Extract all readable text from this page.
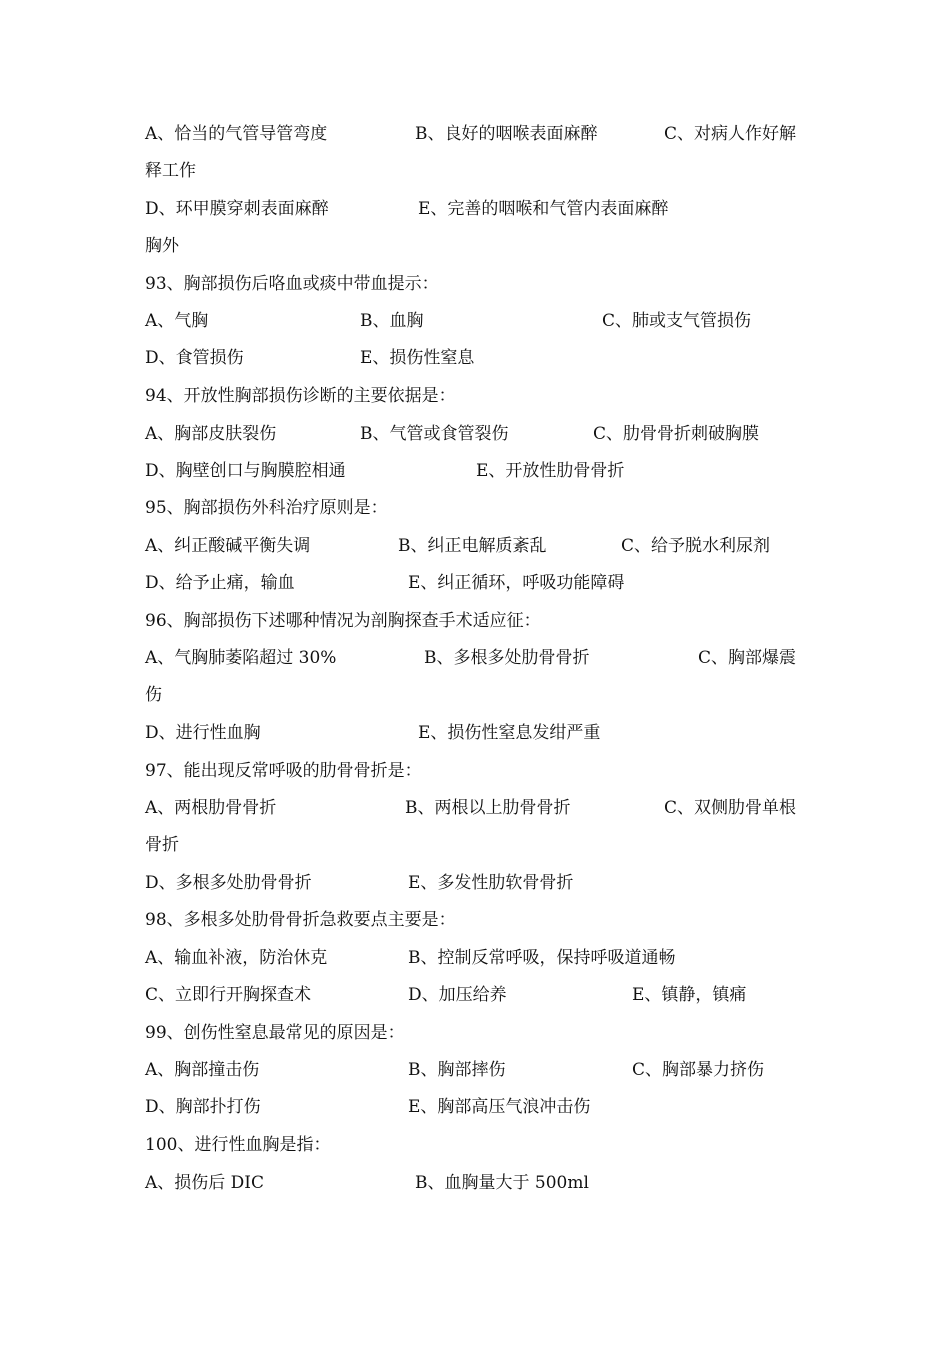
A、恰当的气管导管弯度	B、良好的咽喉表面麻醉	C、对病人作好解
释工作
D、环甲膜穿刺表面麻醉	E、完善的咽喉和气管内表面麻醉
胸外
93、胸部损伤后咯血或痰中带血提示：
A、气胸	B、血胸	C、肺或支气管损伤
D、食管损伤	E、损伤性窒息
94、开放性胸部损伤诊断的主要依据是：
A、胸部皮肤裂伤	B、气管或食管裂伤	C、肋骨骨折刺破胸膜
D、胸壁创口与胸膜腔相通	E、开放性肋骨骨折
95、胸部损伤外科治疗原则是：
A、纠正酸碱平衡失调	B、纠正电解质紊乱	C、给予脱水利尿剂
D、给予止痛，输血	E、纠正循环，呼吸功能障碍
96、胸部损伤下述哪种情况为剖胸探查手术适应征：
A、气胸肺萎陷超过 30%	B、多根多处肋骨骨折	C、胸部爆震
伤
D、进行性血胸	E、损伤性窒息发绀严重
97、能出现反常呼吸的肋骨骨折是：
A、两根肋骨骨折	B、两根以上肋骨骨折	C、双侧肋骨单根
骨折
D、多根多处肋骨骨折	E、多发性肋软骨骨折
98、多根多处肋骨骨折急救要点主要是：
A、输血补液，防治休克	B、控制反常呼吸，保持呼吸道通畅
C、立即行开胸探查术	D、加压给养	E、镇静，镇痛
99、创伤性窒息最常见的原因是：
A、胸部撞击伤	B、胸部摔伤	C、胸部暴力挤伤
D、胸部扑打伤	E、胸部高压气浪冲击伤
100、进行性血胸是指：
A、损伤后 DIC	B、血胸量大于 500ml
